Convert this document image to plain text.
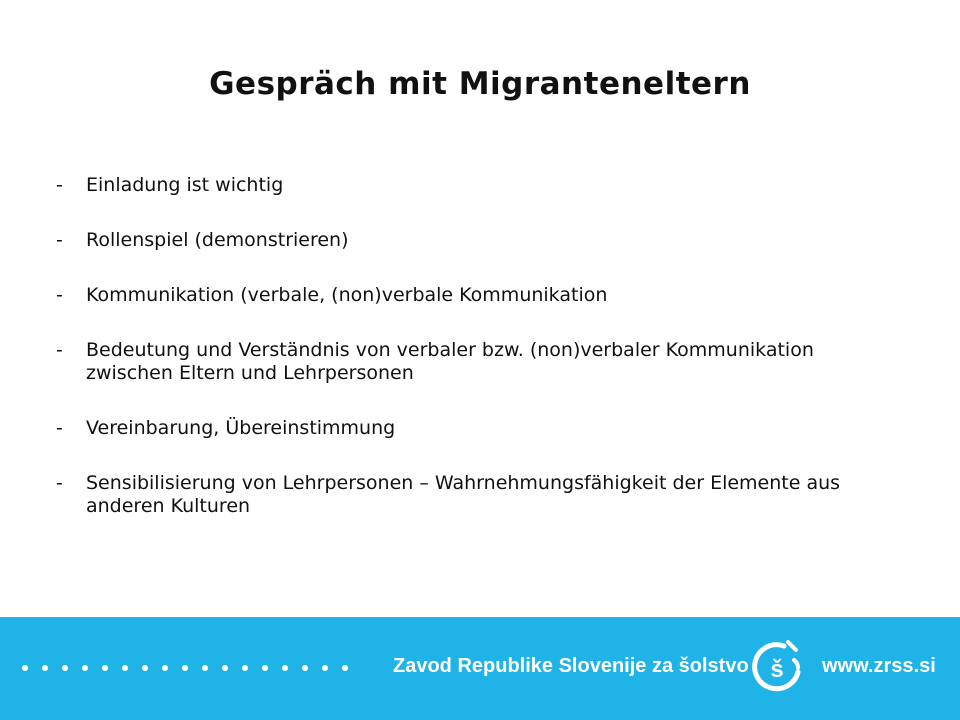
Gespräch mit Migranteneltern
-	Einladung ist wichtig
-	Rollenspiel (demonstrieren)
-	Kommunikation (verbale, (non)verbale Kommunikation
-	Bedeutung und Verständnis von verbaler bzw. (non)verbaler Kommunikation zwischen Eltern und Lehrpersonen
-	Vereinbarung, Übereinstimmung
-	Sensibilisierung von Lehrpersonen – Wahrnehmungsfähigkeit der Elemente aus anderen Kulturen
Zavod Republike Slovenije za šolstvo š www.zrss.si
